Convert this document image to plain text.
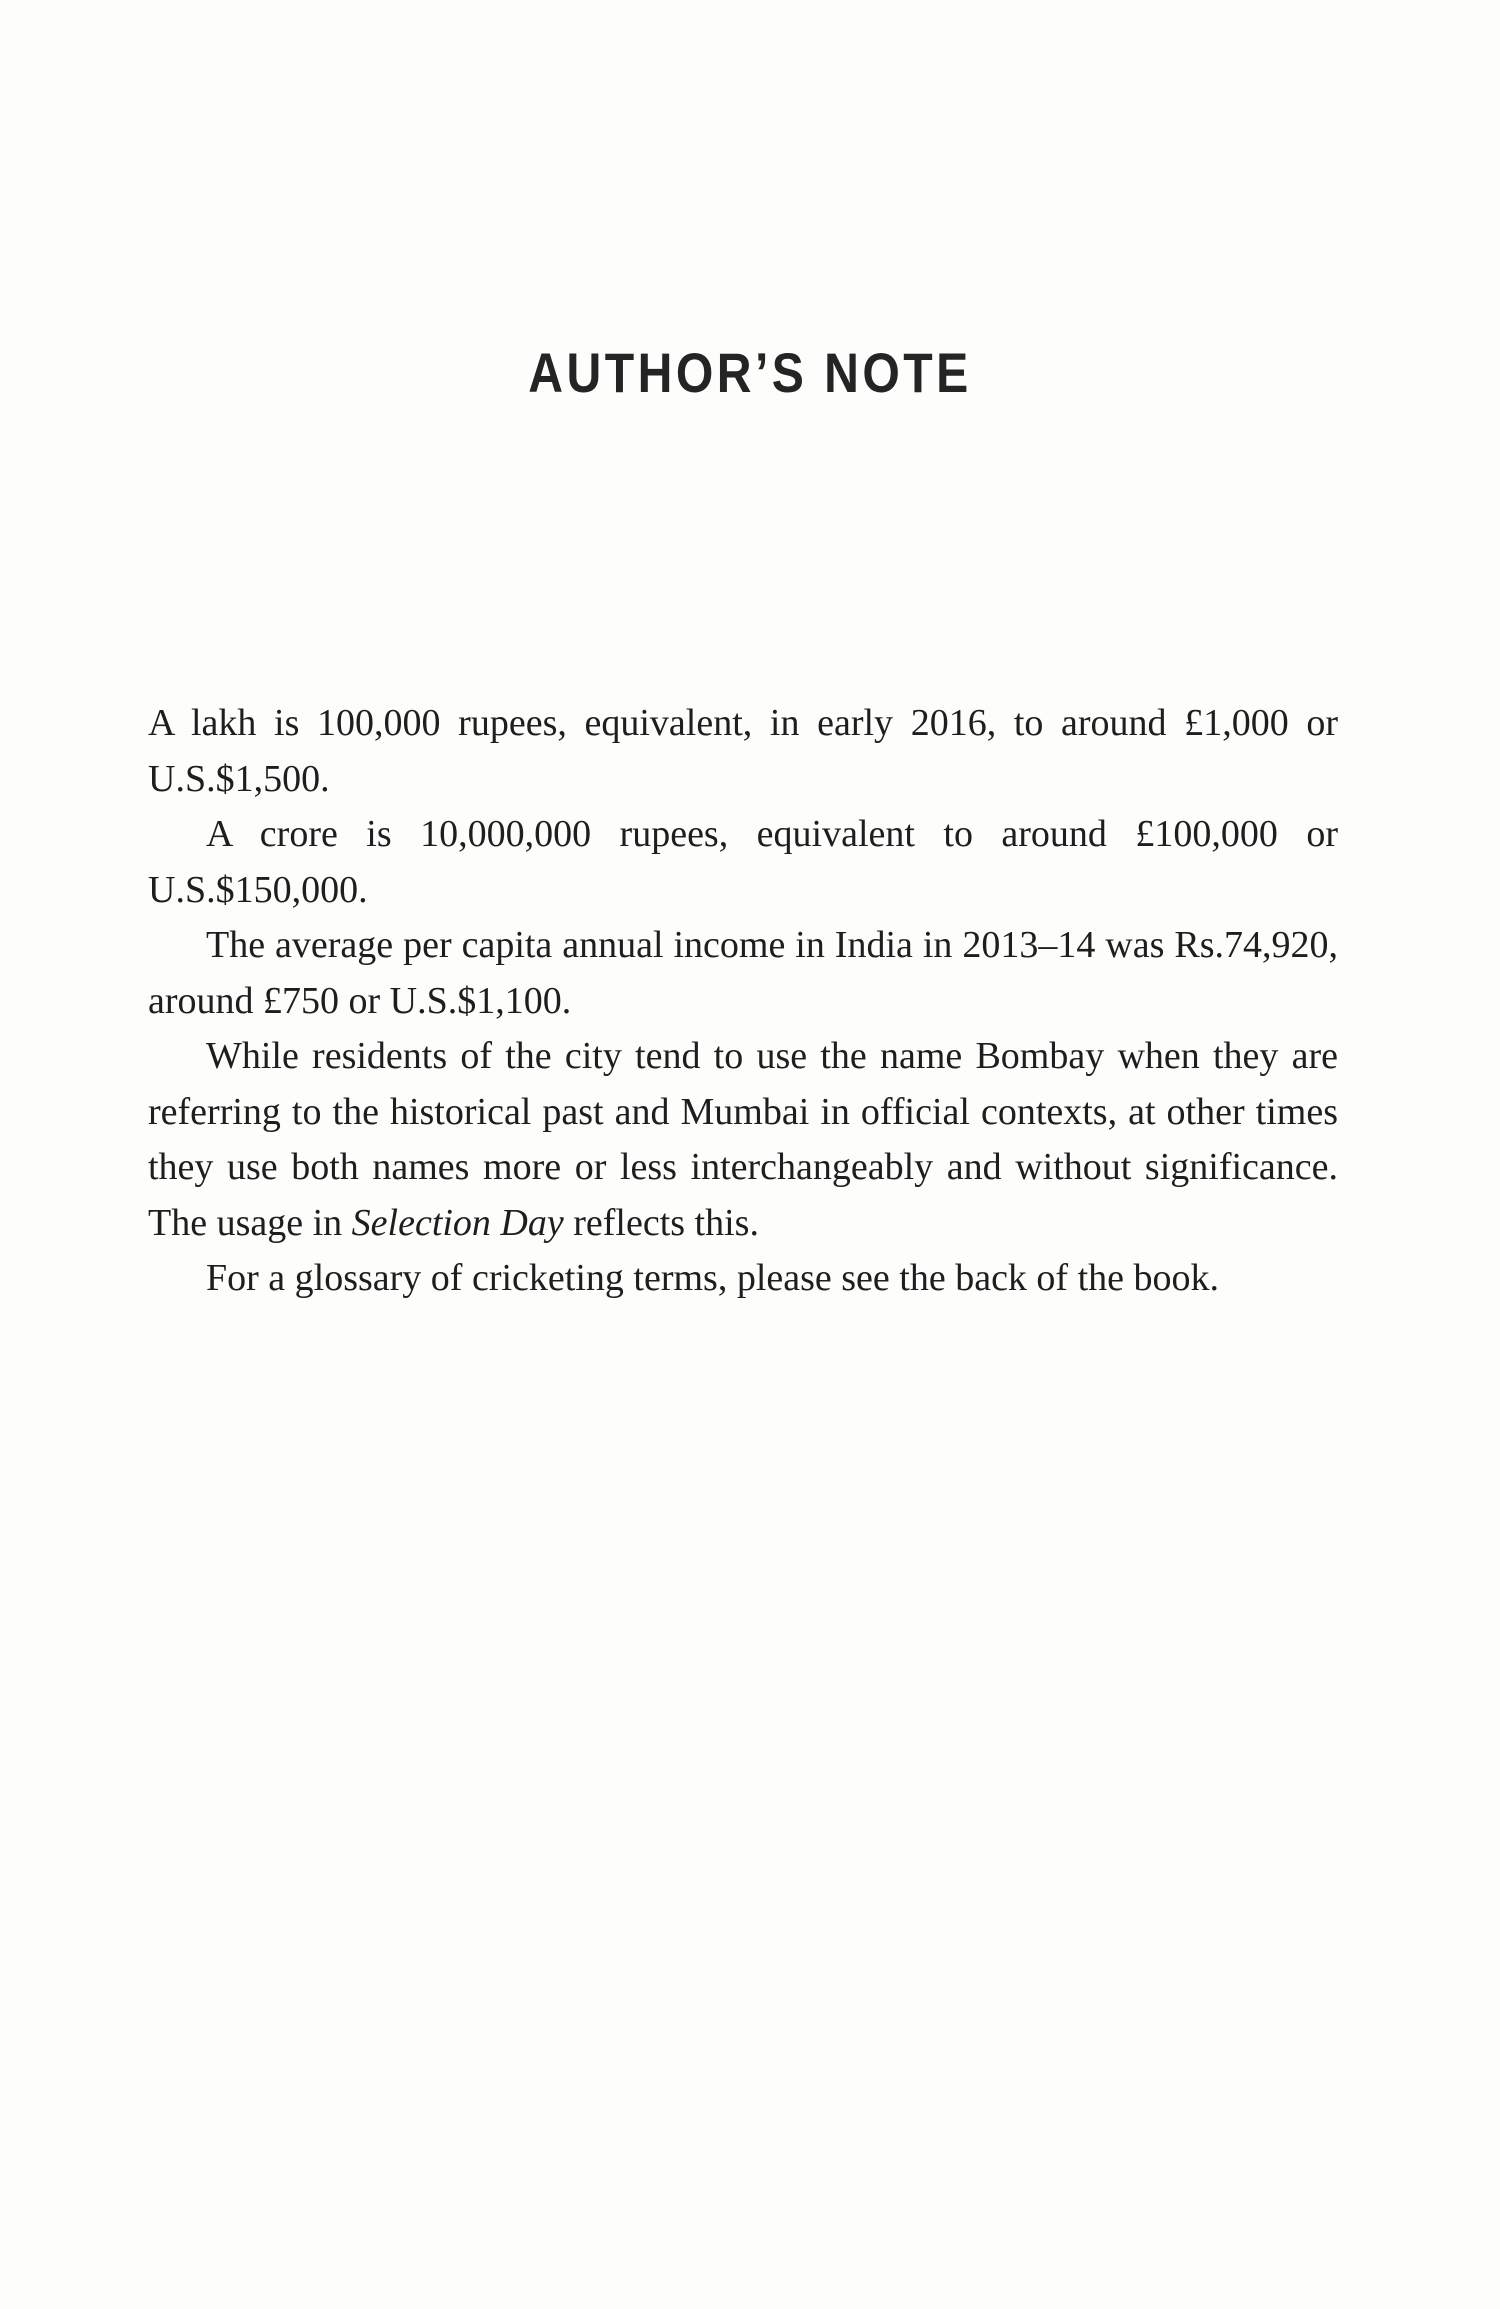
AUTHOR’S NOTE

A lakh is 100,000 rupees, equivalent, in early 2016, to around £1,000 or U.S.$1,500.

A crore is 10,000,000 rupees, equivalent to around £100,000 or U.S.$150,000.

The average per capita annual income in India in 2013–14 was Rs.74,920, around £750 or U.S.$1,100.

While residents of the city tend to use the name Bombay when they are referring to the historical past and Mumbai in official contexts, at other times they use both names more or less interchangeably and without significance. The usage in Selection Day reflects this.

For a glossary of cricketing terms, please see the back of the book.
